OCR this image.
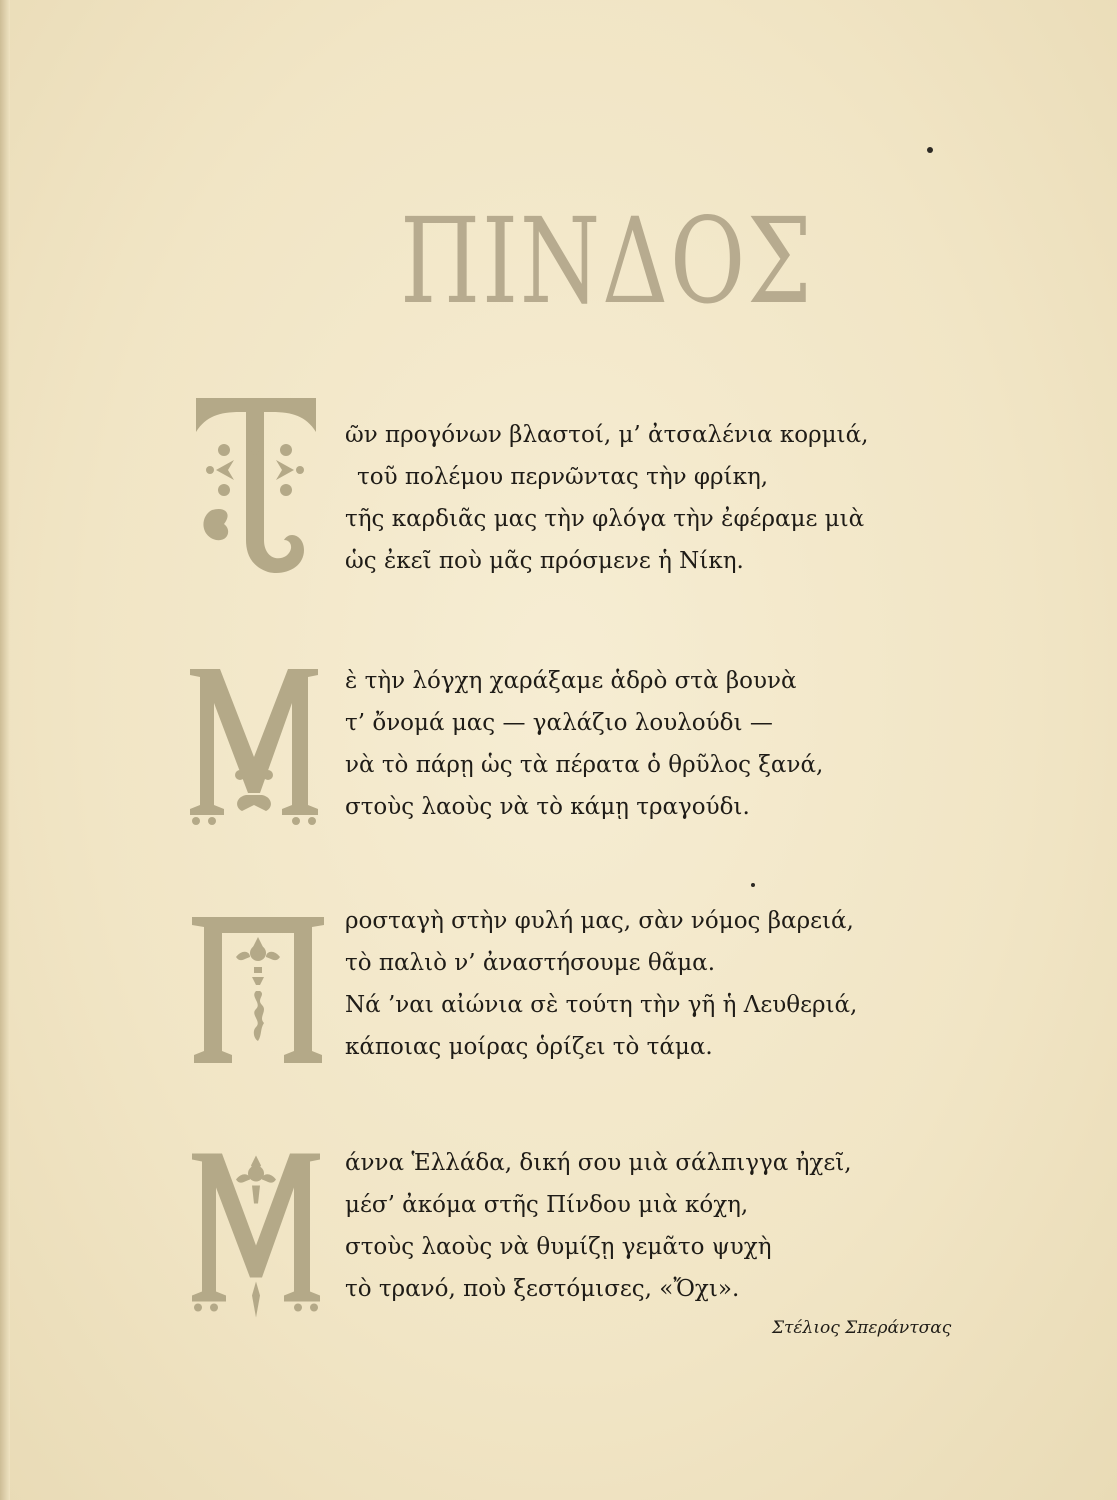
ΠΙΝΔΟΣ
ῶν προγόνων βλαστοί, μ’ ἀτσαλένια κορμιά,
τοῦ πολέμου περνῶντας τὴν φρίκη,
τῆς καρδιᾶς μας τὴν φλόγα τὴν ἐφέραμε μιὰ
ὡς ἐκεῖ ποὺ μᾶς πρόσμενε ἡ Νίκη.
ὲ τὴν λόγχη χαράξαμε ἁδρὸ στὰ βουνὰ
τ’ ὄνομά μας — γαλάζιο λουλούδι —
νὰ τὸ πάρῃ ὡς τὰ πέρατα ὁ θρῦλος ξανά,
στοὺς λαοὺς νὰ τὸ κάμῃ τραγούδι.
ροσταγὴ στὴν φυλή μας, σὰν νόμος βαρειά,
τὸ παλιὸ ν’ ἀναστήσουμε θᾶμα.
Νά ’ναι αἰώνια σὲ τούτη τὴν γῆ ἡ Λευθεριά,
κάποιας μοίρας ὁρίζει τὸ τάμα.
άννα Ἑλλάδα, δική σου μιὰ σάλπιγγα ἠχεῖ,
μέσ’ ἀκόμα στῆς Πίνδου μιὰ κόχη,
στοὺς λαοὺς νὰ θυμίζῃ γεμᾶτο ψυχὴ
τὸ τρανό, ποὺ ξεστόμισες, «Ὄχι».
Στέλιος Σπεράντσας
